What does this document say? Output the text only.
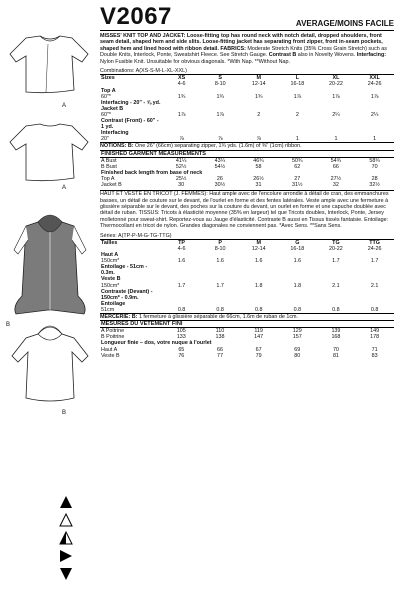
A
A
B
B
V2067	AVERAGE/MOINS FACILE
MISSES' KNIT TOP AND JACKET: Loose-fitting top has round neck with notch detail, dropped shoulders, front seam detail, shaped hem and side slits. Loose-fitting jacket has separating front zipper, front in-seam pockets, shaped hem and lined hood with ribbon detail. FABRICS: Moderate Stretch Knits (35% Cross Grain Stretch) such as Double Knits, Interlock, Ponte, Sweatshirt Fleece. See Stretch Gauge. Contrast B also in Novelty Wovens. Interfacing: Nylon Fusible Knit. Unsuitable for obvious diagonals. *With Nap. **Without Nap.
Combinations: A(XS-S-M-L-XL-XXL)
Sizes	XS	S	M	L	XL	XXL
	4-6	8-10	12-14	16-18	20-22	24-26
Top A						
60"*	1¾	1¾	1¾	1⅞	1⅞	1⅞
Interfacing - 20" - ⅝ yd.						
Jacket B						
60"*	1⅞	1⅞	2	2	2¼	2¼
Contrast (Front) - 60" - 1 yd.						
Interfacing						
20"	⅞	⅞	⅞	1	1	1
NOTIONS: B: One 26" (66cm) separating zipper, 1¾ yds. (1.6m) of ⅜" (1cm) ribbon.
FINISHED GARMENT MEASUREMENTS
A Bust	41¼	43¼	46¾	50¾	54¾	58¾
B Bust	52½	54½	58	62	66	70
Finished back length from base of neck						
Top A	25½	26	26½	27	27½	28
Jacket B	30	30½	31	31½	32	32½
HAUT ET VESTE EN TRICOT (J. FEMMES): Haut ample avec de l'encolure arrondie à détail de cran, des emmanchures basses, un détail de couture sur le devant, de l'ourlet en forme et des fentes latérales. Veste ample avec une fermeture à glissière séparable sur le devant, des poches sur la couture du devant, un ourlet en forme et une capuche doublée avec détail de ruban. TISSUS: Tricots à élasticité moyenne (35% en largeur) tel que Tricots doubles, Interlock, Ponte, Jersey molletonné pour sweat-shirt. Reportez-vous au Jauge d'élasticité. Contraste B aussi en Tissus tissés fantaisie. Entoilage: Thermocollant en tricot de nylon. Grandes diagonales ne conviennent pas. *Avec Sens. **Sans Sens.
Séries: A(TP-P-M-G-TG-TTG)
Tailles	TP	P	M	G	TG	TTG
	4-6	8-10	12-14	16-18	20-22	24-26
Haut A						
150cm*	1.6	1.6	1.6	1.6	1.7	1.7
Entoilage - 51cm - 0.3m.						
Veste B						
150cm*	1.7	1.7	1.8	1.8	2.1	2.1
Contraste (Devant) - 150cm* - 0.9m.						
Entoilage						
51cm	0.8	0.8	0.8	0.8	0.8	0.8
MERCERIE: B: 1 fermeture à glissière séparable de 66cm, 1.6m de ruban de 1cm.
MESURES DU VÊTEMENT FINI
A Poitrine	105	110	119	129	139	149
B Poitrine	133	138	147	157	168	178
Longueur finie – dos, votre nuque à l'ourlet						
Haut A	65	66	67	69	70	71
Veste B	76	77	79	80	81	83
